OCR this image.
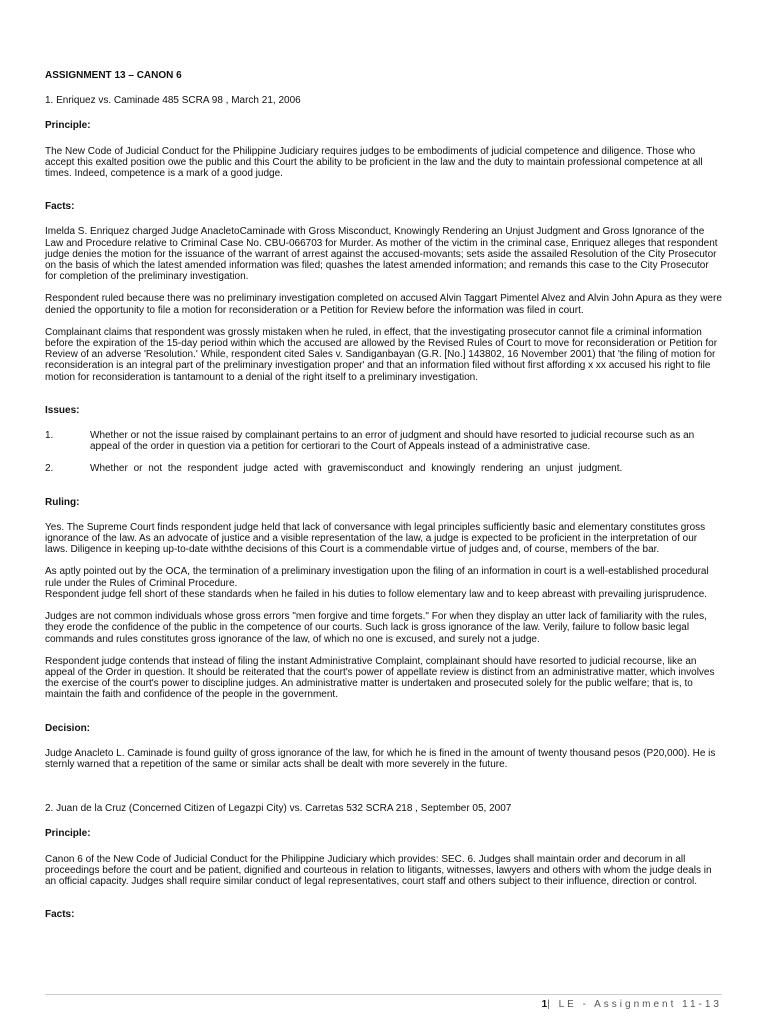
ASSIGNMENT 13 – CANON 6

1. Enriquez vs. Caminade 485 SCRA 98 , March 21, 2006

Principle:

The New Code of Judicial Conduct for the Philippine Judiciary requires judges to be embodiments of judicial competence and diligence. Those who accept this exalted position owe the public and this Court the ability to be proficient in the law and the duty to maintain professional competence at all times. Indeed, competence is a mark of a good judge.

Facts:

Imelda S. Enriquez charged Judge AnacletoCaminade with Gross Misconduct, Knowingly Rendering an Unjust Judgment and Gross Ignorance of the Law and Procedure relative to Criminal Case No. CBU-066703 for Murder. As mother of the victim in the criminal case, Enriquez alleges that respondent judge denies the motion for the issuance of the warrant of arrest against the accused-movants; sets aside the assailed Resolution of the City Prosecutor on the basis of which the latest amended information was filed; quashes the latest amended information; and remands this case to the City Prosecutor for completion of the preliminary investigation.

Respondent ruled because there was no preliminary investigation completed on accused Alvin Taggart Pimentel Alvez and Alvin John Apura as they were denied the opportunity to file a motion for reconsideration or a Petition for Review before the information was filed in court.

Complainant claims that respondent was grossly mistaken when he ruled, in effect, that the investigating prosecutor cannot file a criminal information before the expiration of the 15-day period within which the accused are allowed by the Revised Rules of Court to move for reconsideration or Petition for Review of an adverse 'Resolution.' While, respondent cited Sales v. Sandiganbayan (G.R. [No.] 143802, 16 November 2001) that 'the filing of motion for reconsideration is an integral part of the preliminary investigation proper' and that an information filed without first affording x xx accused his right to file motion for reconsideration is tantamount to a denial of the right itself to a preliminary investigation.

Issues:

1.	Whether or not the issue raised by complainant pertains to an error of judgment and should have resorted to judicial recourse such as an appeal of the order in question via a petition for certiorari to the Court of Appeals instead of a administrative case.

2.	Whether or not the respondent judge acted with gravemisconduct and knowingly rendering an unjust judgment.

Ruling:

Yes. The Supreme Court finds respondent judge held that lack of conversance with legal principles sufficiently basic and elementary constitutes gross ignorance of the law. As an advocate of justice and a visible representation of the law, a judge is expected to be proficient in the interpretation of our laws. Diligence in keeping up-to-date withthe decisions of this Court is a commendable virtue of judges and, of course, members of the bar.

As aptly pointed out by the OCA, the termination of a preliminary investigation upon the filing of an information in court is a well-established procedural rule under the Rules of Criminal Procedure.

Respondent judge fell short of these standards when he failed in his duties to follow elementary law and to keep abreast with prevailing jurisprudence.

Judges are not common individuals whose gross errors "men forgive and time forgets." For when they display an utter lack of familiarity with the rules, they erode the confidence of the public in the competence of our courts. Such lack is gross ignorance of the law. Verily, failure to follow basic legal commands and rules constitutes gross ignorance of the law, of which no one is excused, and surely not a judge.

Respondent judge contends that instead of filing the instant Administrative Complaint, complainant should have resorted to judicial recourse, like an appeal of the Order in question. It should be reiterated that the court's power of appellate review is distinct from an administrative matter, which involves the exercise of the court's power to discipline judges. An administrative matter is undertaken and prosecuted solely for the public welfare; that is, to maintain the faith and confidence of the people in the government.

Decision:

Judge Anacleto L. Caminade is found guilty of gross ignorance of the law, for which he is fined in the amount of twenty thousand pesos (P20,000). He is sternly warned that a repetition of the same or similar acts shall be dealt with more severely in the future.

2. Juan de la Cruz (Concerned Citizen of Legazpi City) vs. Carretas 532 SCRA 218 , September 05, 2007

Principle:

Canon 6 of the New Code of Judicial Conduct for the Philippine Judiciary which provides: SEC. 6. Judges shall maintain order and decorum in all proceedings before the court and be patient, dignified and courteous in relation to litigants, witnesses, lawyers and others with whom the judge deals in an official capacity. Judges shall require similar conduct of legal representatives, court staff and others subject to their influence, direction or control.

Facts:

1| LE - Assignment 11-13
